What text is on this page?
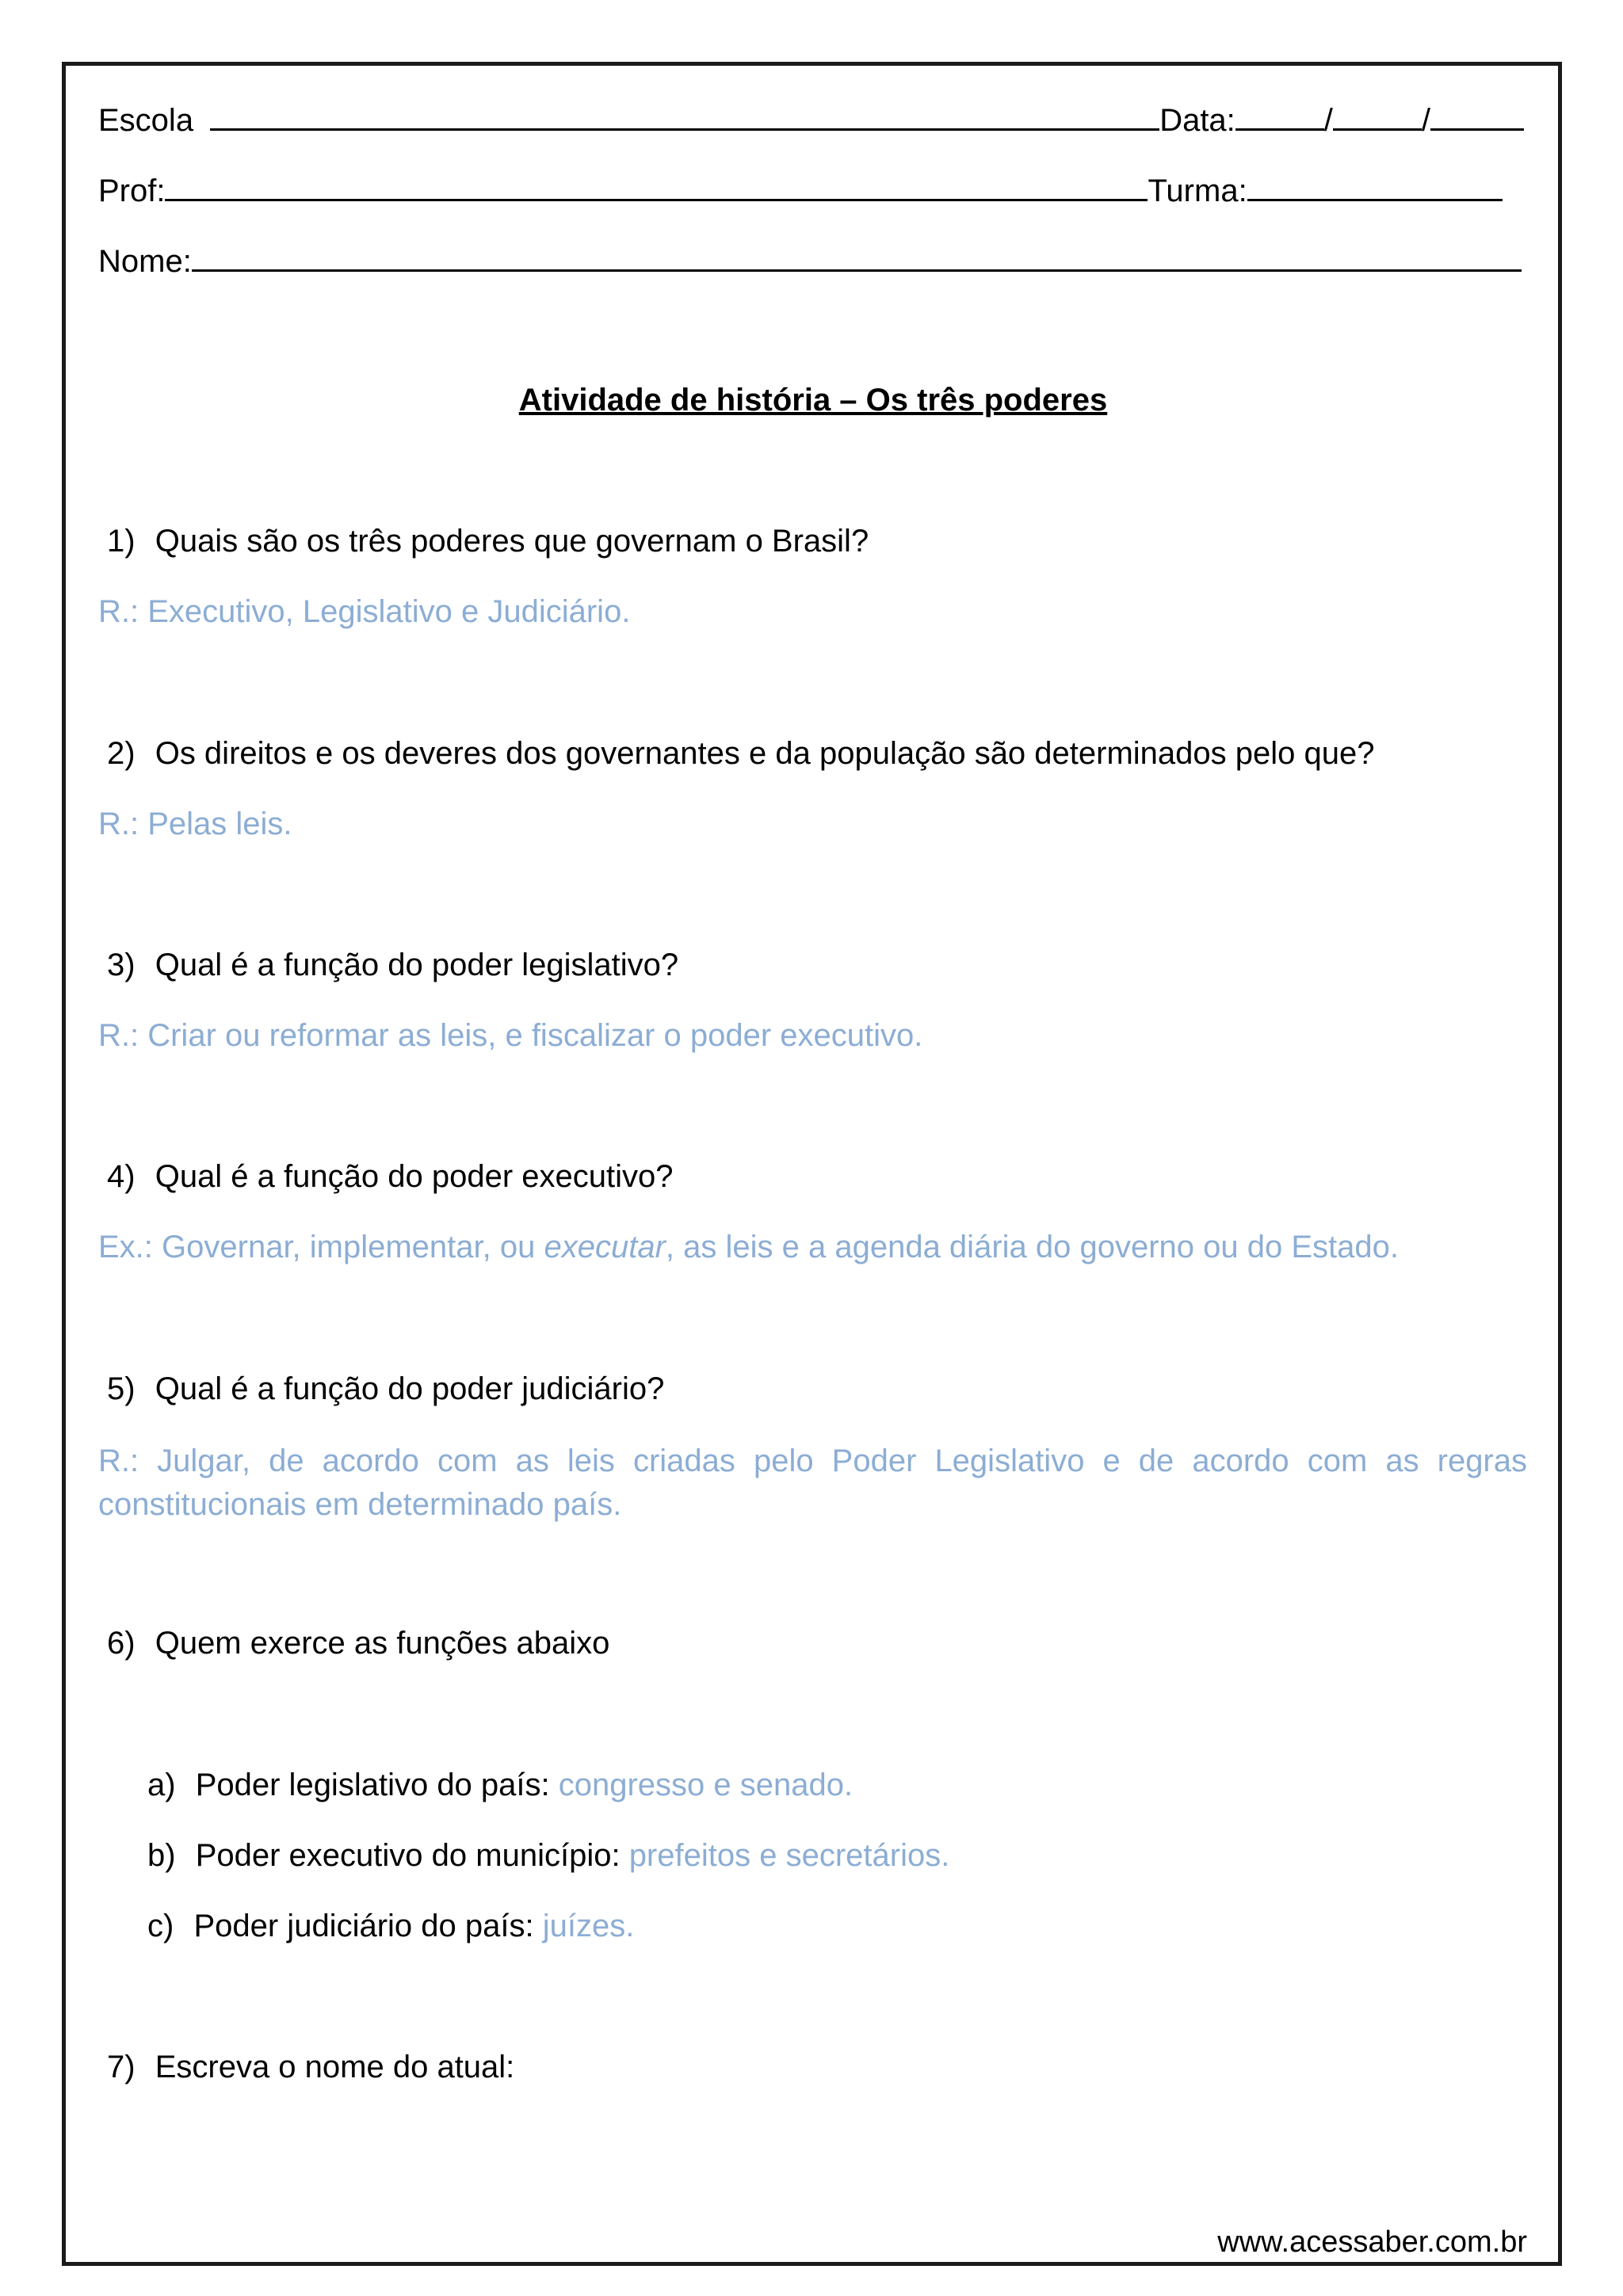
Escola	Data:	/	/
Prof:	Turma:
Nome:
Atividade de história – Os três poderes
1) Quais são os três poderes que governam o Brasil?
R.: Executivo, Legislativo e Judiciário.
2) Os direitos e os deveres dos governantes e da população são determinados pelo que?
R.: Pelas leis.
3) Qual é a função do poder legislativo?
R.: Criar ou reformar as leis, e fiscalizar o poder executivo.
4) Qual é a função do poder executivo?
Ex.: Governar, implementar, ou executar, as leis e a agenda diária do governo ou do Estado.
5) Qual é a função do poder judiciário?
R.: Julgar, de acordo com as leis criadas pelo Poder Legislativo e de acordo com as regras constitucionais em determinado país.
6) Quem exerce as funções abaixo
a) Poder legislativo do país: congresso e senado.
b) Poder executivo do município: prefeitos e secretários.
c) Poder judiciário do país: juízes.
7) Escreva o nome do atual:
www.acessaber.com.br
